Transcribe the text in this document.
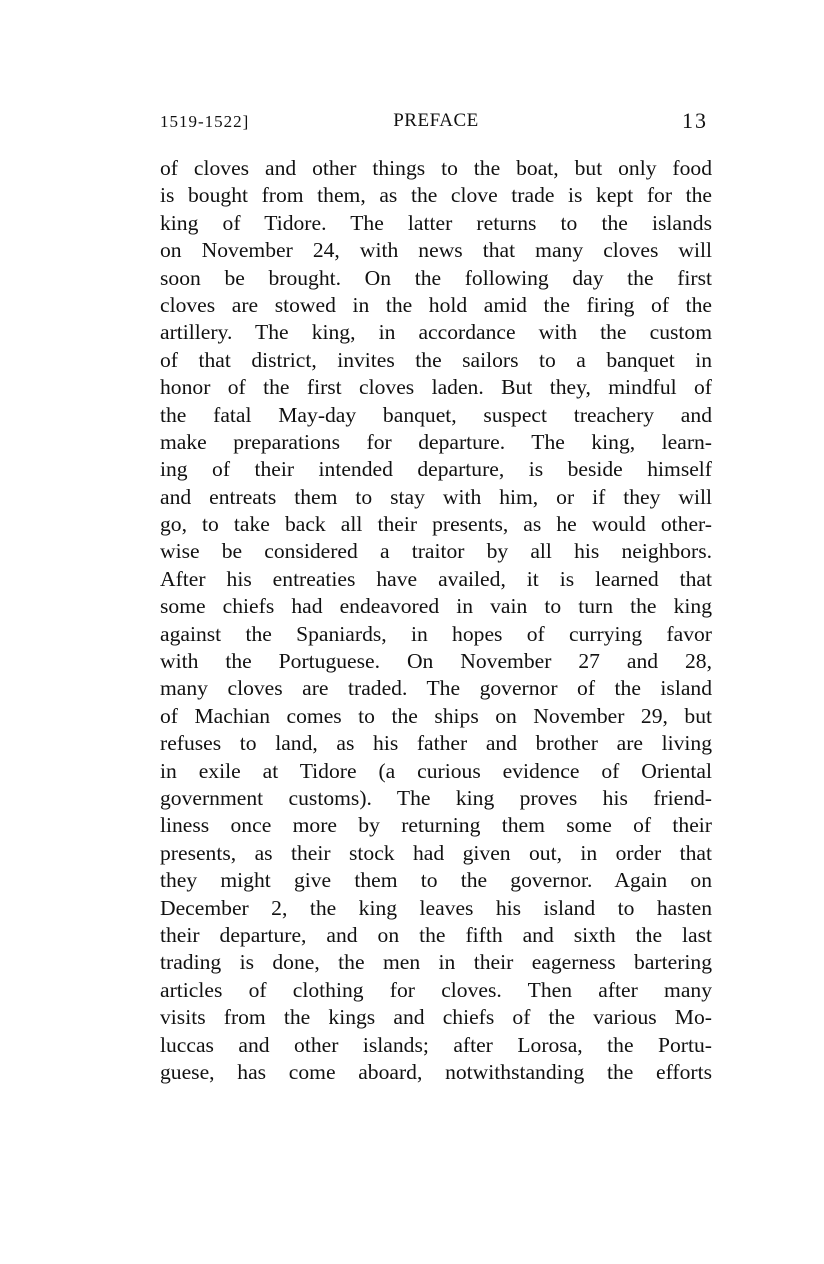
1519-1522]	PREFACE	13
of cloves and other things to the boat, but only food
is bought from them, as the clove trade is kept for the
king of Tidore. The latter returns to the islands
on November 24, with news that many cloves will
soon be brought. On the following day the first
cloves are stowed in the hold amid the firing of the
artillery. The king, in accordance with the custom
of that district, invites the sailors to a banquet in
honor of the first cloves laden. But they, mindful of
the fatal May-day banquet, suspect treachery and
make preparations for departure. The king, learn-
ing of their intended departure, is beside himself
and entreats them to stay with him, or if they will
go, to take back all their presents, as he would other-
wise be considered a traitor by all his neighbors.
After his entreaties have availed, it is learned that
some chiefs had endeavored in vain to turn the king
against the Spaniards, in hopes of currying favor
with the Portuguese. On November 27 and 28,
many cloves are traded. The governor of the island
of Machian comes to the ships on November 29, but
refuses to land, as his father and brother are living
in exile at Tidore (a curious evidence of Oriental
government customs). The king proves his friend-
liness once more by returning them some of their
presents, as their stock had given out, in order that
they might give them to the governor. Again on
December 2, the king leaves his island to hasten
their departure, and on the fifth and sixth the last
trading is done, the men in their eagerness bartering
articles of clothing for cloves. Then after many
visits from the kings and chiefs of the various Mo-
luccas and other islands; after Lorosa, the Portu-
guese, has come aboard, notwithstanding the efforts
